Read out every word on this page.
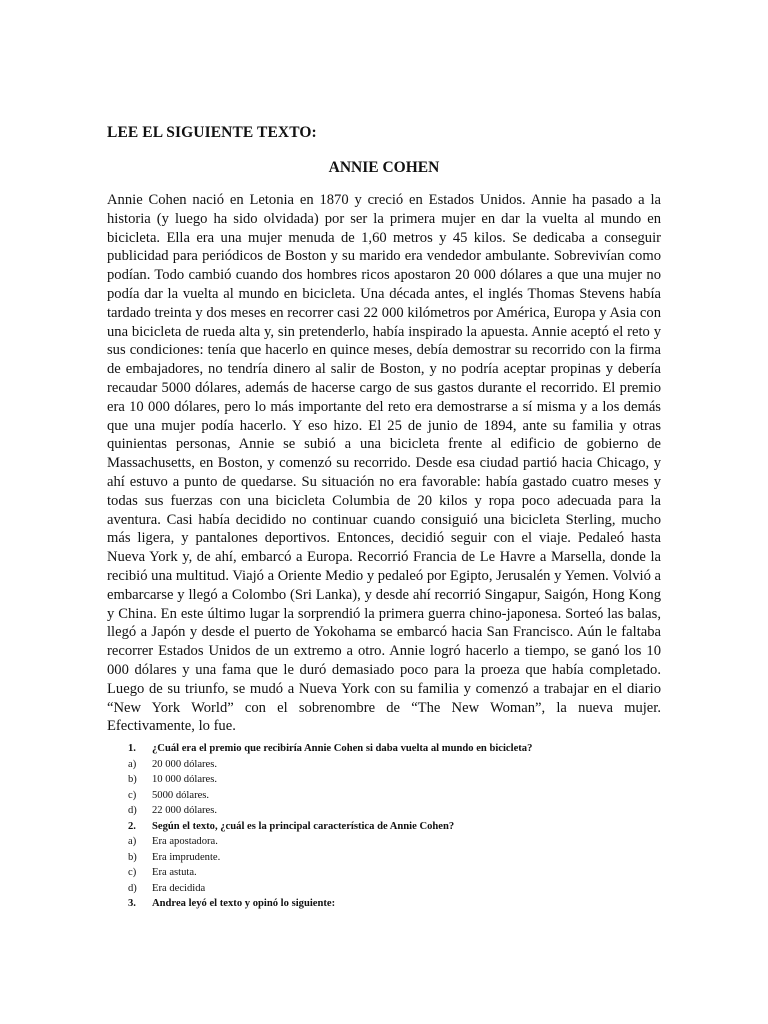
LEE EL SIGUIENTE TEXTO:
ANNIE COHEN

Annie Cohen nació en Letonia en 1870 y creció en Estados Unidos. Annie ha pasado a la historia (y luego ha sido olvidada) por ser la primera mujer en dar la vuelta al mundo en bicicleta. Ella era una mujer menuda de 1,60 metros y 45 kilos. Se dedicaba a conseguir publicidad para periódicos de Boston y su marido era vendedor ambulante. Sobrevivían como podían. Todo cambió cuando dos hombres ricos apostaron 20 000 dólares a que una mujer no podía dar la vuelta al mundo en bicicleta. Una década antes, el inglés Thomas Stevens había tardado treinta y dos meses en recorrer casi 22 000 kilómetros por América, Europa y Asia con una bicicleta de rueda alta y, sin pretenderlo, había inspirado la apuesta. Annie aceptó el reto y sus condiciones: tenía que hacerlo en quince meses, debía demostrar su recorrido con la firma de embajadores, no tendría dinero al salir de Boston, y no podría aceptar propinas y debería recaudar 5000 dólares, además de hacerse cargo de sus gastos durante el recorrido. El premio era 10 000 dólares, pero lo más importante del reto era demostrarse a sí misma y a los demás que una mujer podía hacerlo. Y eso hizo. El 25 de junio de 1894, ante su familia y otras quinientas personas, Annie se subió a una bicicleta frente al edificio de gobierno de Massachusetts, en Boston, y comenzó su recorrido. Desde esa ciudad partió hacia Chicago, y ahí estuvo a punto de quedarse. Su situación no era favorable: había gastado cuatro meses y todas sus fuerzas con una bicicleta Columbia de 20 kilos y ropa poco adecuada para la aventura. Casi había decidido no continuar cuando consiguió una bicicleta Sterling, mucho más ligera, y pantalones deportivos. Entonces, decidió seguir con el viaje. Pedaleó hasta Nueva York y, de ahí, embarcó a Europa. Recorrió Francia de Le Havre a Marsella, donde la recibió una multitud. Viajó a Oriente Medio y pedaleó por Egipto, Jerusalén y Yemen. Volvió a embarcarse y llegó a Colombo (Sri Lanka), y desde ahí recorrió Singapur, Saigón, Hong Kong y China. En este último lugar la sorprendió la primera guerra chino-japonesa. Sorteó las balas, llegó a Japón y desde el puerto de Yokohama se embarcó hacia San Francisco. Aún le faltaba recorrer Estados Unidos de un extremo a otro. Annie logró hacerlo a tiempo, se ganó los 10 000 dólares y una fama que le duró demasiado poco para la proeza que había completado. Luego de su triunfo, se mudó a Nueva York con su familia y comenzó a trabajar en el diario “New York World” con el sobrenombre de “The New Woman”, la nueva mujer. Efectivamente, lo fue.

1. ¿Cuál era el premio que recibiría Annie Cohen si daba vuelta al mundo en bicicleta?
a) 20 000 dólares.
b) 10 000 dólares.
c) 5000 dólares.
d) 22 000 dólares.
2. Según el texto, ¿cuál es la principal característica de Annie Cohen?
a) Era apostadora.
b) Era imprudente.
c) Era astuta.
d) Era decidida
3. Andrea leyó el texto y opinó lo siguiente:
